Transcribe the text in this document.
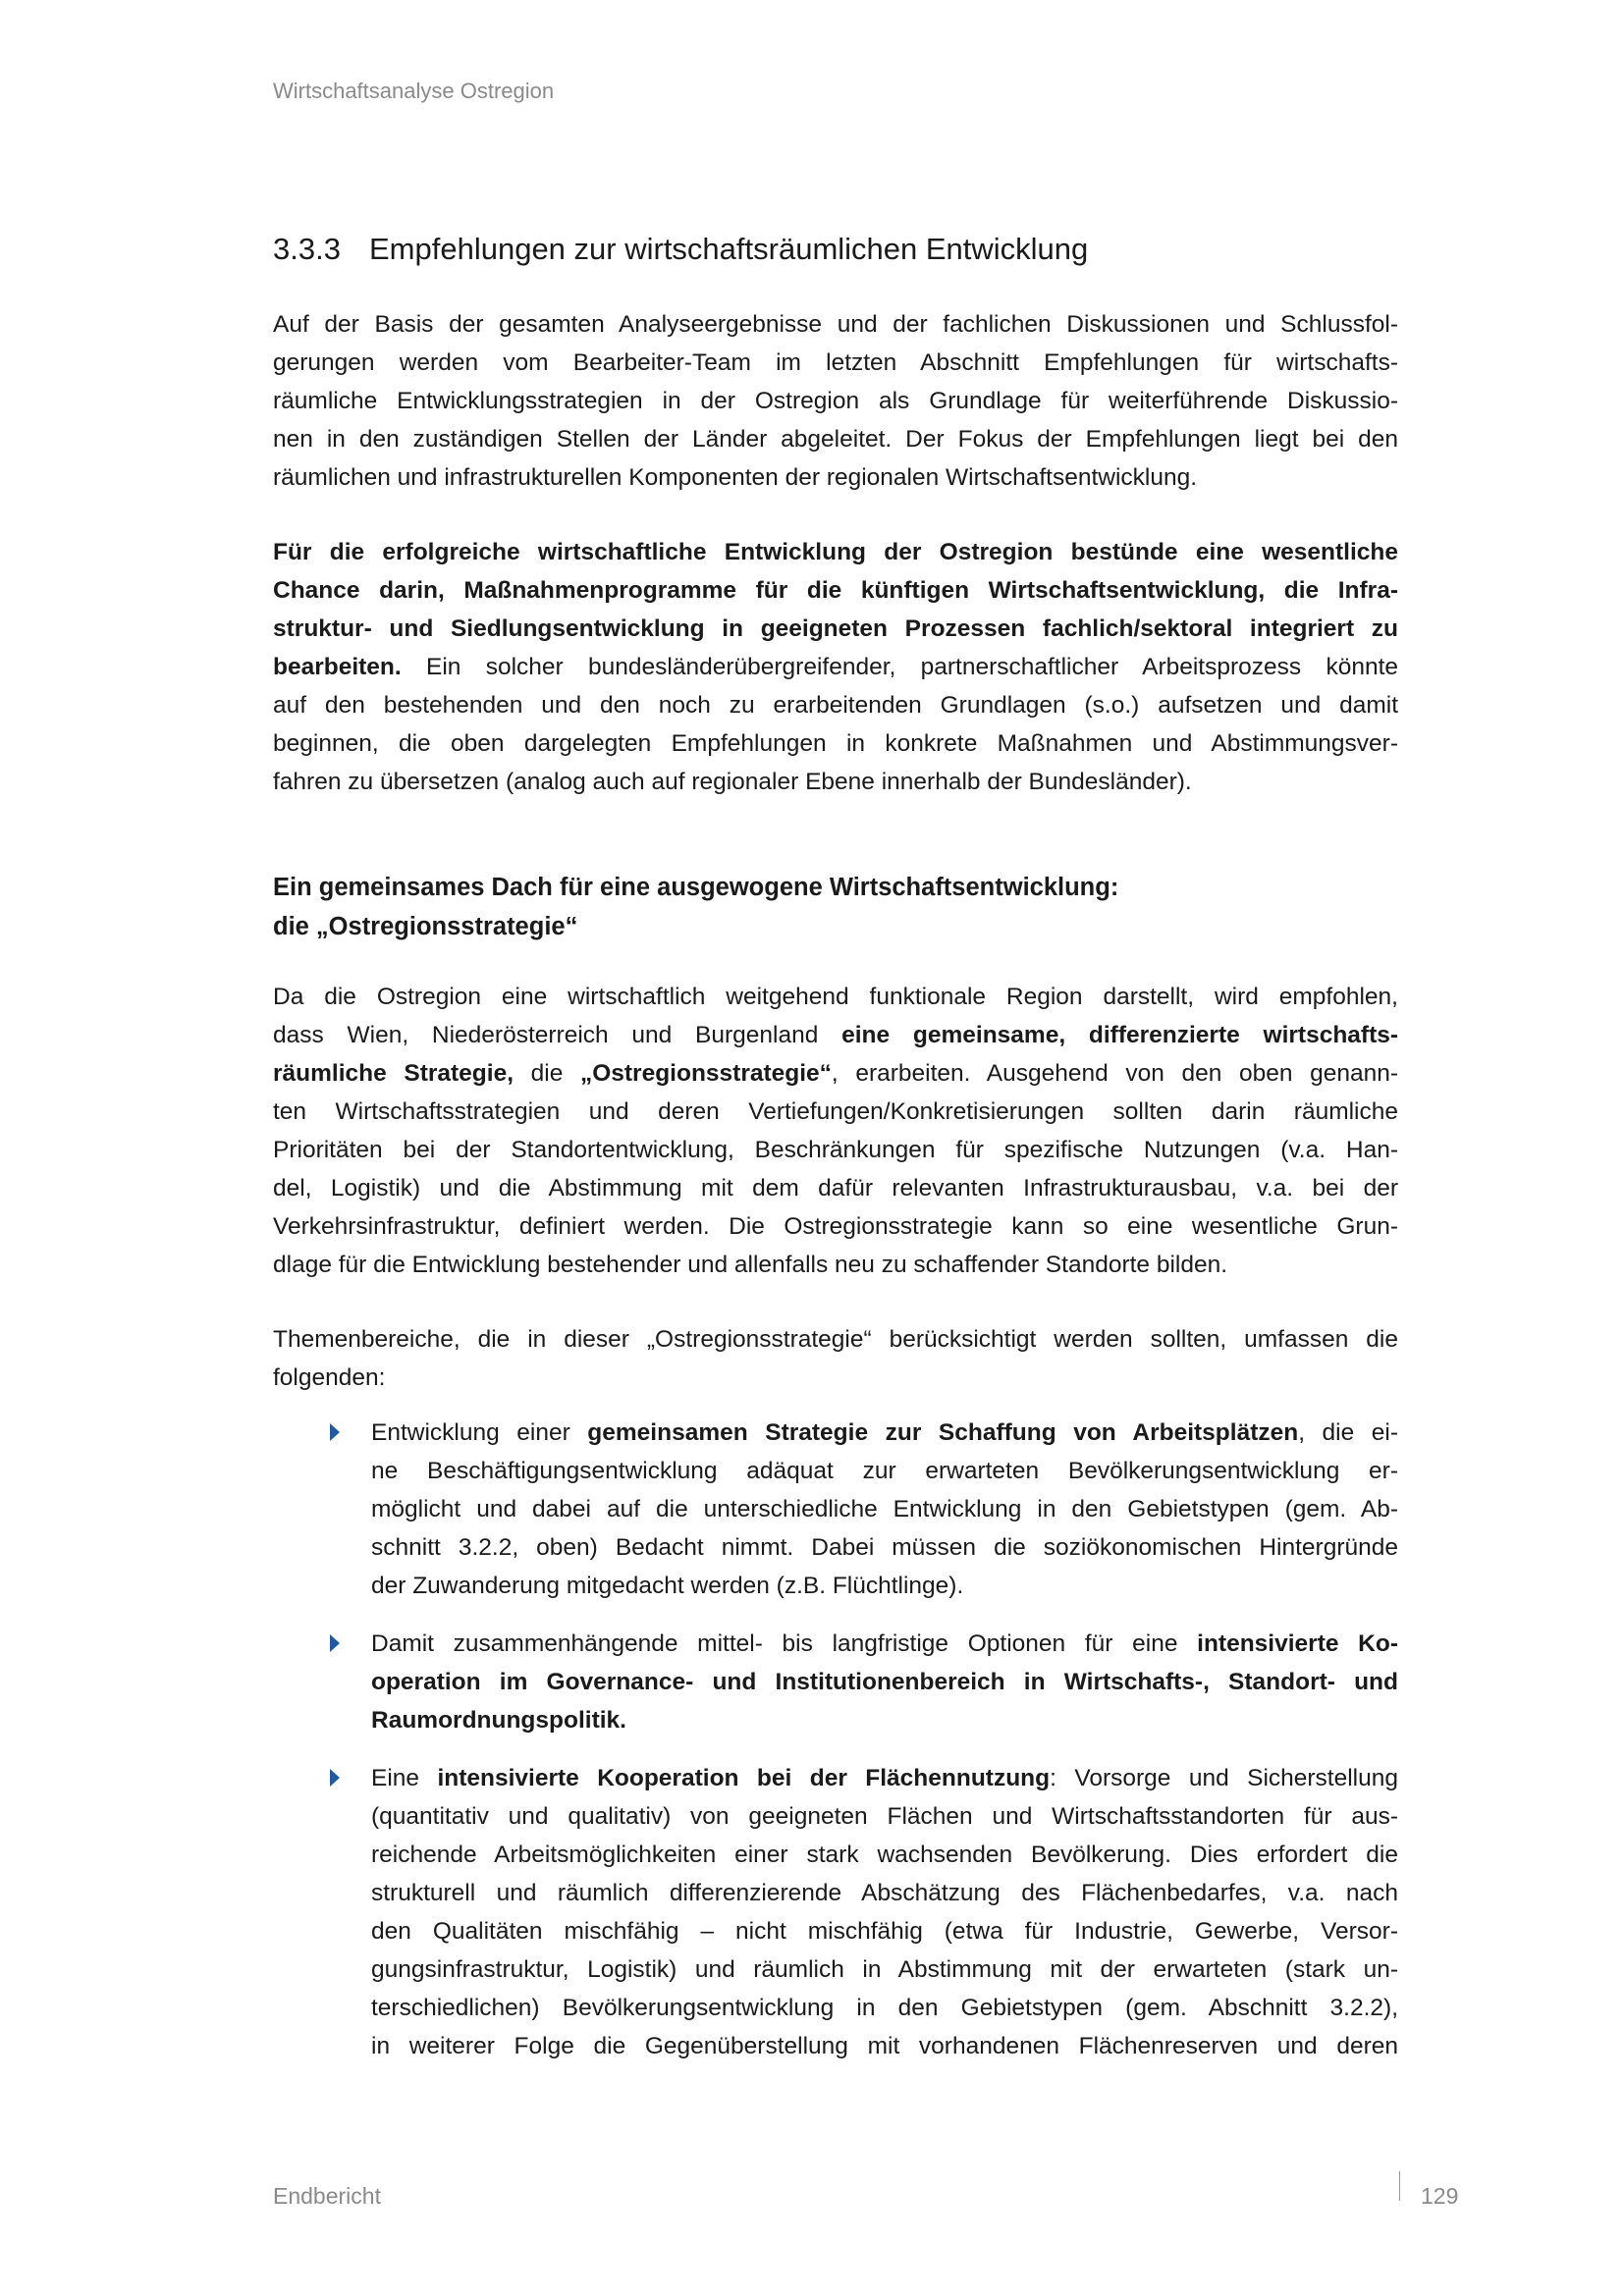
Wirtschaftsanalyse Ostregion
3.3.3 Empfehlungen zur wirtschaftsräumlichen Entwicklung
Auf der Basis der gesamten Analyseergebnisse und der fachlichen Diskussionen und Schlussfol-
gerungen werden vom Bearbeiter-Team im letzten Abschnitt Empfehlungen für wirtschafts-
räumliche Entwicklungsstrategien in der Ostregion als Grundlage für weiterführende Diskussio-
nen in den zuständigen Stellen der Länder abgeleitet. Der Fokus der Empfehlungen liegt bei den
räumlichen und infrastrukturellen Komponenten der regionalen Wirtschaftsentwicklung.
Für die erfolgreiche wirtschaftliche Entwicklung der Ostregion bestünde eine wesentliche
Chance darin, Maßnahmenprogramme für die künftigen Wirtschaftsentwicklung, die Infra-
struktur- und Siedlungsentwicklung in geeigneten Prozessen fachlich/sektoral integriert zu
bearbeiten. Ein solcher bundesländerübergreifender, partnerschaftlicher Arbeitsprozess könnte
auf den bestehenden und den noch zu erarbeitenden Grundlagen (s.o.) aufsetzen und damit
beginnen, die oben dargelegten Empfehlungen in konkrete Maßnahmen und Abstimmungsver-
fahren zu übersetzen (analog auch auf regionaler Ebene innerhalb der Bundesländer).
Ein gemeinsames Dach für eine ausgewogene Wirtschaftsentwicklung:
die „Ostregionsstrategie“
Da die Ostregion eine wirtschaftlich weitgehend funktionale Region darstellt, wird empfohlen,
dass Wien, Niederösterreich und Burgenland eine gemeinsame, differenzierte wirtschafts-
räumliche Strategie, die „Ostregionsstrategie“, erarbeiten. Ausgehend von den oben genann-
ten Wirtschaftsstrategien und deren Vertiefungen/Konkretisierungen sollten darin räumliche
Prioritäten bei der Standortentwicklung, Beschränkungen für spezifische Nutzungen (v.a. Han-
del, Logistik) und die Abstimmung mit dem dafür relevanten Infrastrukturausbau, v.a. bei der
Verkehrsinfrastruktur, definiert werden. Die Ostregionsstrategie kann so eine wesentliche Grun-
dlage für die Entwicklung bestehender und allenfalls neu zu schaffender Standorte bilden.
Themenbereiche, die in dieser „Ostregionsstrategie“ berücksichtigt werden sollten, umfassen die
folgenden:
Entwicklung einer gemeinsamen Strategie zur Schaffung von Arbeitsplätzen, die ei-
ne Beschäftigungsentwicklung adäquat zur erwarteten Bevölkerungsentwicklung er-
möglicht und dabei auf die unterschiedliche Entwicklung in den Gebietstypen (gem. Ab-
schnitt 3.2.2, oben) Bedacht nimmt. Dabei müssen die soziökonomischen Hintergründe
der Zuwanderung mitgedacht werden (z.B. Flüchtlinge).
Damit zusammenhängende mittel- bis langfristige Optionen für eine intensivierte Ko-
operation im Governance- und Institutionenbereich in Wirtschafts-, Standort- und
Raumordnungspolitik.
Eine intensivierte Kooperation bei der Flächennutzung: Vorsorge und Sicherstellung
(quantitativ und qualitativ) von geeigneten Flächen und Wirtschaftsstandorten für aus-
reichende Arbeitsmöglichkeiten einer stark wachsenden Bevölkerung. Dies erfordert die
strukturell und räumlich differenzierende Abschätzung des Flächenbedarfes, v.a. nach
den Qualitäten mischfähig – nicht mischfähig (etwa für Industrie, Gewerbe, Versor-
gungsinfrastruktur, Logistik) und räumlich in Abstimmung mit der erwarteten (stark un-
terschiedlichen) Bevölkerungsentwicklung in den Gebietstypen (gem. Abschnitt 3.2.2),
in weiterer Folge die Gegenüberstellung mit vorhandenen Flächenreserven und deren
Endbericht	129
